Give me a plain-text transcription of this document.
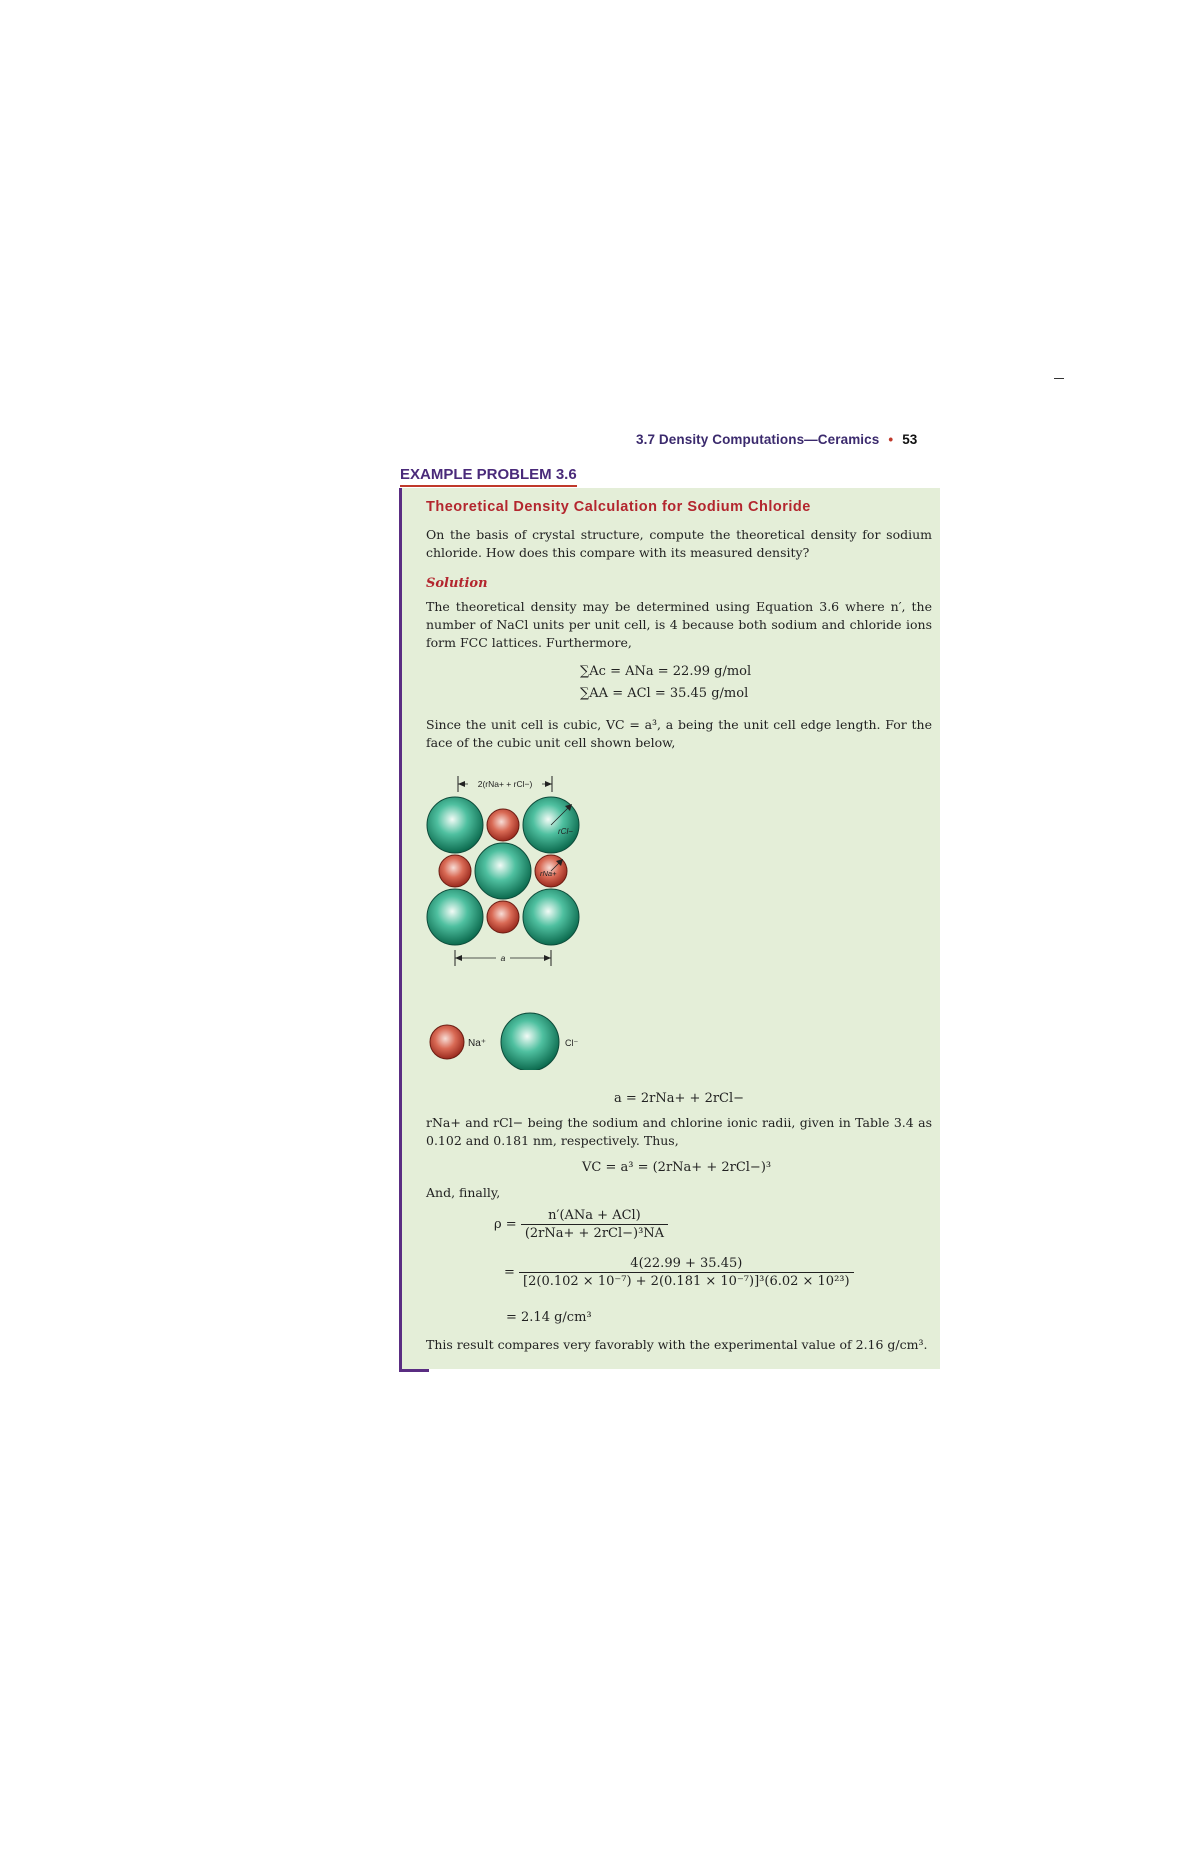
3.7 Density Computations—Ceramics • 53
EXAMPLE PROBLEM 3.6
Theoretical Density Calculation for Sodium Chloride
On the basis of crystal structure, compute the theoretical density for sodium chloride. How does this compare with its measured density?
Solution
The theoretical density may be determined using Equation 3.6 where n′, the number of NaCl units per unit cell, is 4 because both sodium and chloride ions form FCC lattices. Furthermore,
∑Ac = ANa = 22.99 g/mol
∑AA = ACl = 35.45 g/mol
Since the unit cell is cubic, VC = a³, a being the unit cell edge length. For the face of the cubic unit cell shown below,
2(rNa+ + rCl−)
rCl−
rNa+
a
Na⁺	Cl⁻
a = 2rNa+ + 2rCl−
rNa+ and rCl− being the sodium and chlorine ionic radii, given in Table 3.4 as 0.102 and 0.181 nm, respectively. Thus,
VC = a³ = (2rNa+ + 2rCl−)³
And, finally,
$\rho = \frac{\text{n′(ANa + ACl)}}{\text{(2rNa+ + 2rCl−)³NA}}$
= $\frac{4(22.99 + 35.45)}{\text{[2(0.102 × 10⁻⁷) + 2(0.181 × 10⁻⁷)]³(6.02 × 10²³)}}$
= 2.14 g/cm³
This result compares very favorably with the experimental value of 2.16 g/cm³.
